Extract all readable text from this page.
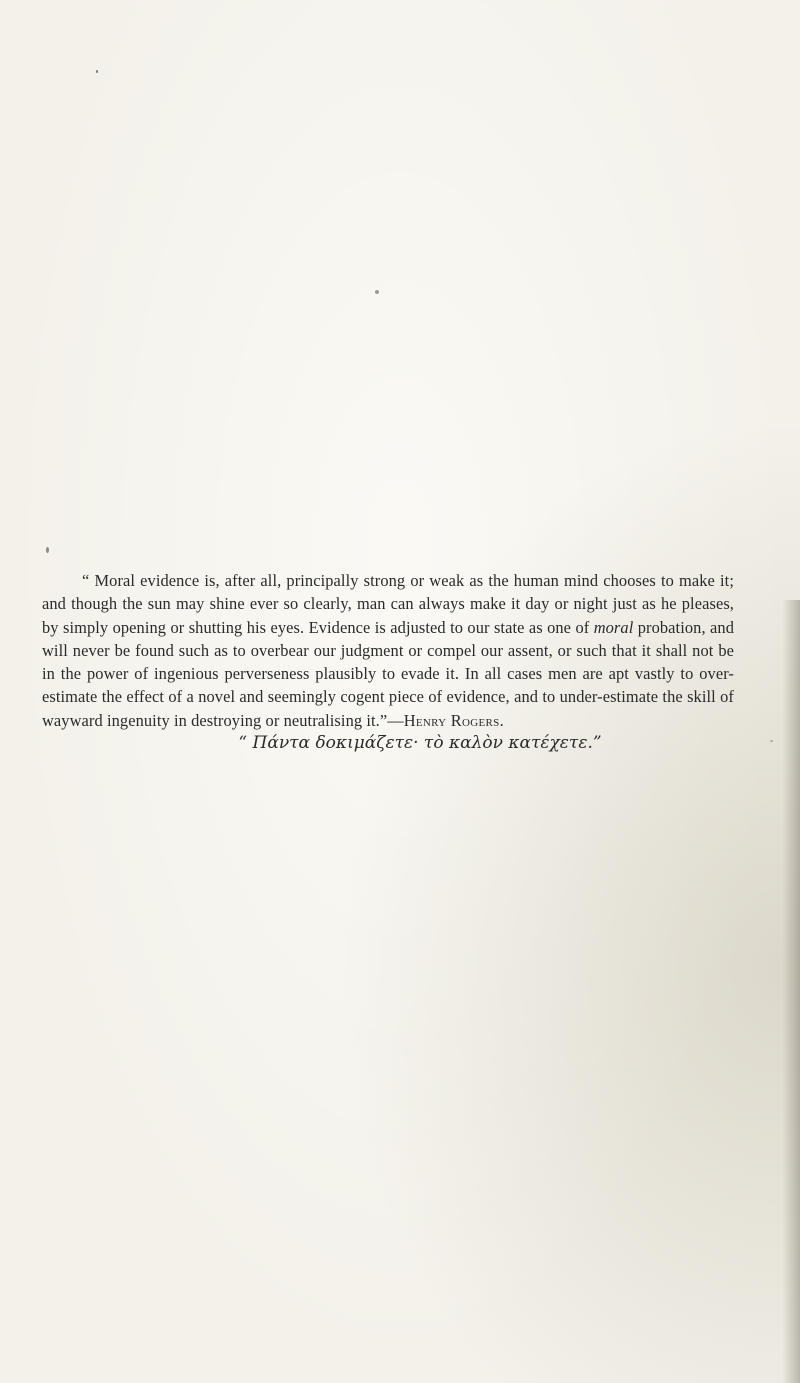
“ Moral evidence is, after all, principally strong or weak as the human mind chooses to make it; and though the sun may shine ever so clearly, man can always make it day or night just as he pleases, by simply opening or shutting his eyes. Evidence is adjusted to our state as one of moral probation, and will never be found such as to overbear our judgment or compel our assent, or such that it shall not be in the power of ingenious perverseness plausibly to evade it. In all cases men are apt vastly to over-estimate the effect of a novel and seemingly cogent piece of evidence, and to under-estimate the skill of wayward ingenuity in destroying or neutralising it.”—Henry Rogers.

“ Πάντα δοκιμάζετε· τὸ καλὸν κατέχετε.”
